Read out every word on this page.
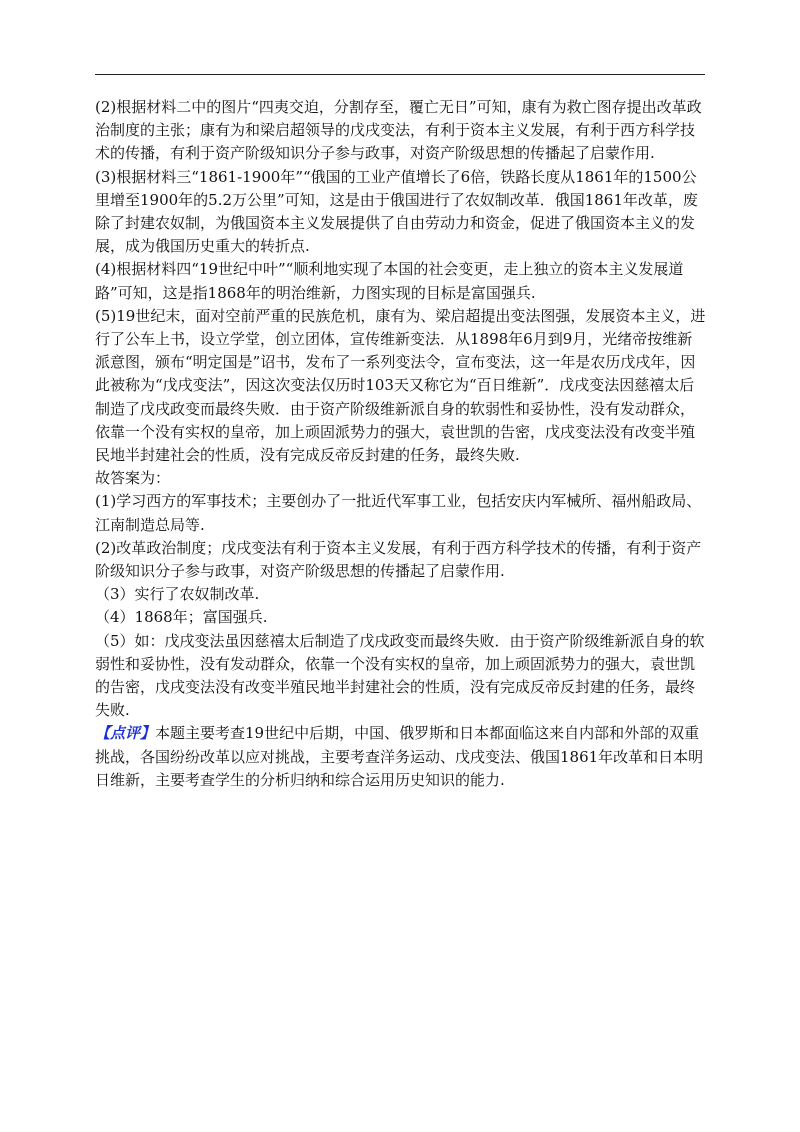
(2)根据材料二中的图片“四夷交迫，分割存至，覆亡无日”可知，康有为救亡图存提出改革政治制度的主张；康有为和梁启超领导的戊戌变法，有利于资本主义发展，有利于西方科学技术的传播，有利于资产阶级知识分子参与政事，对资产阶级思想的传播起了启蒙作用.

(3)根据材料三“1861-1900年”“俄国的工业产值增长了6倍，铁路长度从1861年的1500公里增至1900年的5.2万公里”可知，这是由于俄国进行了农奴制改革．俄国1861年改革，废除了封建农奴制，为俄国资本主义发展提供了自由劳动力和资金，促进了俄国资本主义的发展，成为俄国历史重大的转折点.

(4)根据材料四“19世纪中叶”“顺利地实现了本国的社会变更，走上独立的资本主义发展道路”可知，这是指1868年的明治维新，力图实现的目标是富国强兵.

(5)19世纪末，面对空前严重的民族危机，康有为、梁启超提出变法图强，发展资本主义，进行了公车上书，设立学堂，创立团体，宣传维新变法．从1898年6月到9月，光绪帝按维新派意图，颁布“明定国是”诏书，发布了一系列变法令，宣布变法，这一年是农历戊戌年，因此被称为“戊戌变法”，因这次变法仅历时103天又称它为“百日维新”．戊戌变法因慈禧太后制造了戊戌政变而最终失败．由于资产阶级维新派自身的软弱性和妥协性，没有发动群众，依靠一个没有实权的皇帝，加上顽固派势力的强大，袁世凯的告密，戊戌变法没有改变半殖民地半封建社会的性质，没有完成反帝反封建的任务，最终失败.

故答案为：

(1)学习西方的军事技术；主要创办了一批近代军事工业，包括安庆内军械所、福州船政局、江南制造总局等.

(2)改革政治制度；戊戌变法有利于资本主义发展，有利于西方科学技术的传播，有利于资产阶级知识分子参与政事，对资产阶级思想的传播起了启蒙作用.

（3）实行了农奴制改革.

（4）1868年；富国强兵.

（5）如：戊戌变法虽因慈禧太后制造了戊戌政变而最终失败．由于资产阶级维新派自身的软弱性和妥协性，没有发动群众，依靠一个没有实权的皇帝，加上顽固派势力的强大，袁世凯的告密，戊戌变法没有改变半殖民地半封建社会的性质，没有完成反帝反封建的任务，最终失败.

【点评】本题主要考查19世纪中后期，中国、俄罗斯和日本都面临这来自内部和外部的双重挑战，各国纷纷改革以应对挑战，主要考查洋务运动、戊戌变法、俄国1861年改革和日本明日维新，主要考查学生的分析归纳和综合运用历史知识的能力.
